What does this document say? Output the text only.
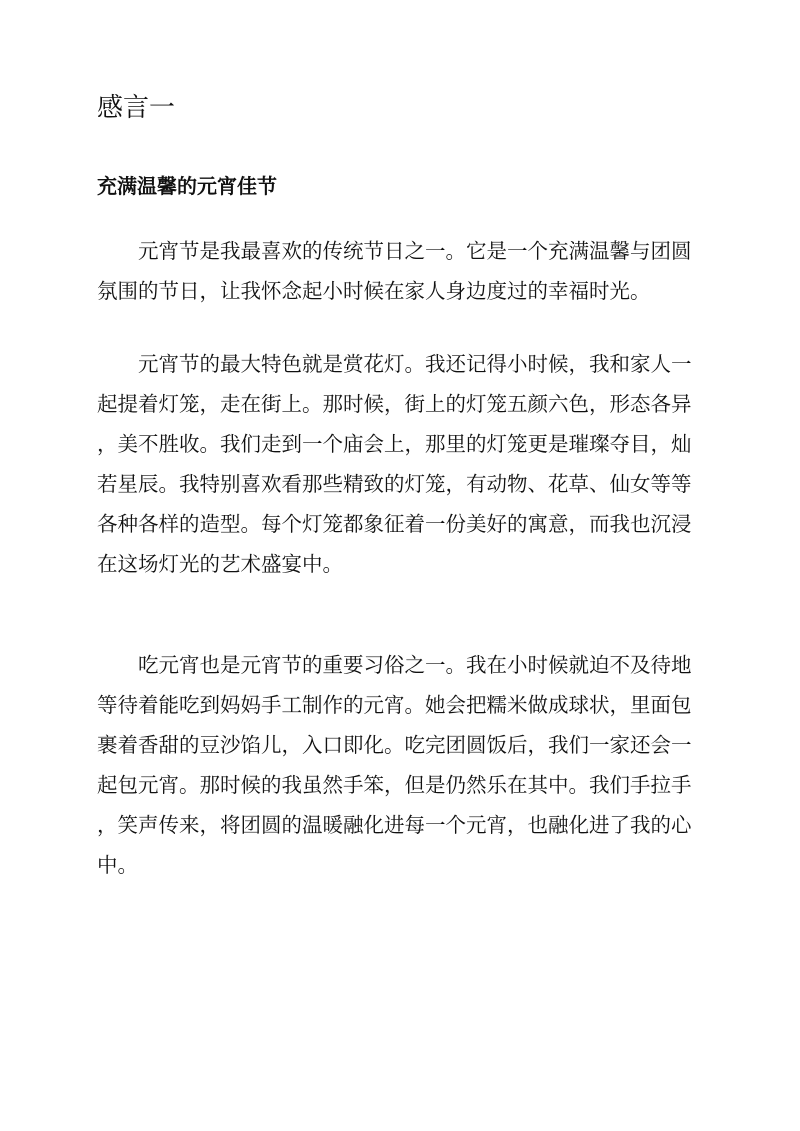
感言一
充满温馨的元宵佳节
元宵节是我最喜欢的传统节日之一。它是一个充满温馨与团圆
氛围的节日，让我怀念起小时候在家人身边度过的幸福时光。
元宵节的最大特色就是赏花灯。我还记得小时候，我和家人一
起提着灯笼，走在街上。那时候，街上的灯笼五颜六色，形态各异
，美不胜收。我们走到一个庙会上，那里的灯笼更是璀璨夺目，灿
若星辰。我特别喜欢看那些精致的灯笼，有动物、花草、仙女等等
各种各样的造型。每个灯笼都象征着一份美好的寓意，而我也沉浸
在这场灯光的艺术盛宴中。
吃元宵也是元宵节的重要习俗之一。我在小时候就迫不及待地
等待着能吃到妈妈手工制作的元宵。她会把糯米做成球状，里面包
裹着香甜的豆沙馅儿，入口即化。吃完团圆饭后，我们一家还会一
起包元宵。那时候的我虽然手笨，但是仍然乐在其中。我们手拉手
，笑声传来，将团圆的温暖融化进每一个元宵，也融化进了我的心
中。
